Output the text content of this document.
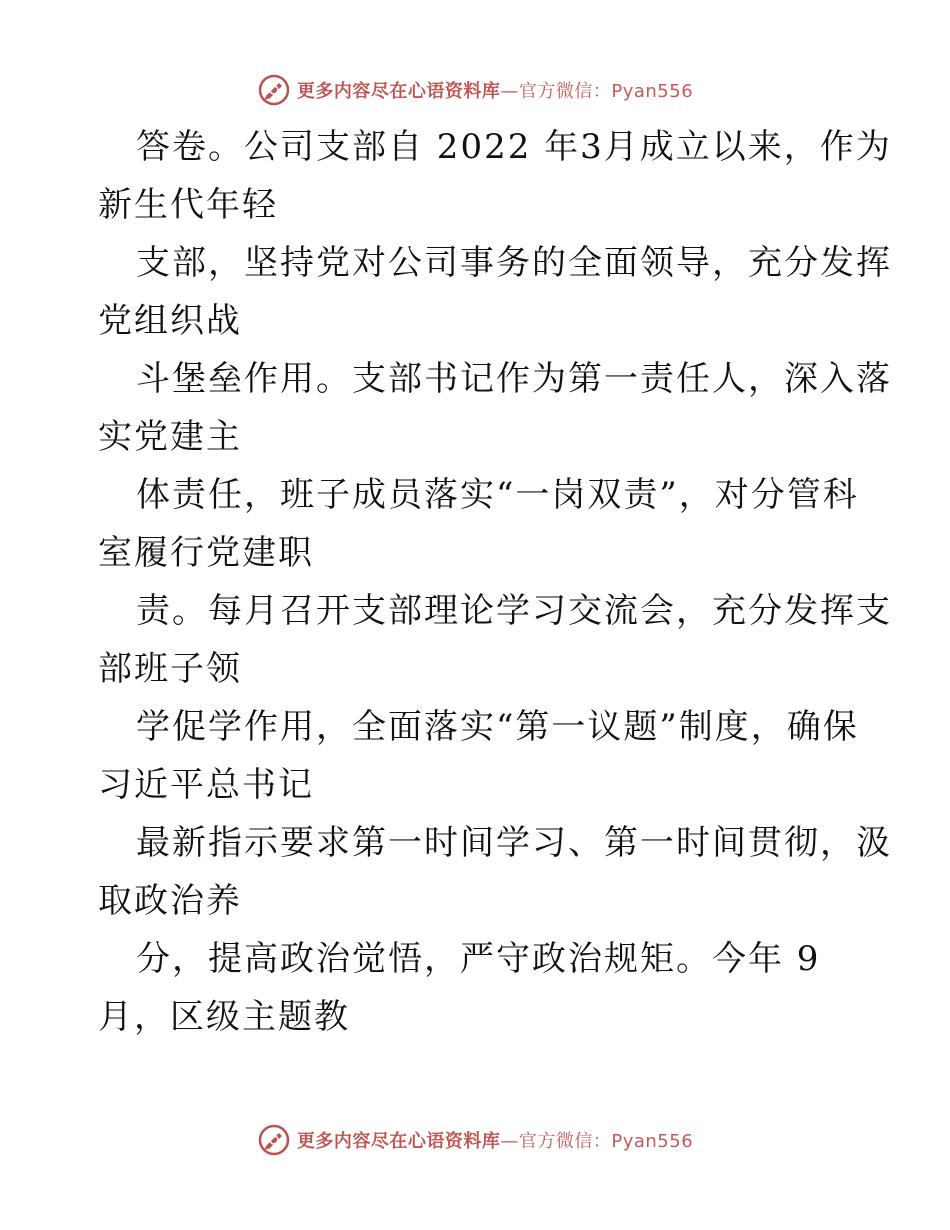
更多内容尽在心语资料库—官方微信：Pyan556
答卷。公司支部自 2022 年3月成立以来，作为
新生代年轻
支部，坚持党对公司事务的全面领导，充分发挥
党组织战
斗堡垒作用。支部书记作为第一责任人，深入落
实党建主
体责任，班子成员落实“一岗双责”，对分管科
室履行党建职
责。每月召开支部理论学习交流会，充分发挥支
部班子领
学促学作用，全面落实“第一议题”制度，确保
习近平总书记
最新指示要求第一时间学习、第一时间贯彻，汲
取政治养
分，提高政治觉悟，严守政治规矩。今年 9
月，区级主题教
更多内容尽在心语资料库—官方微信：Pyan556
